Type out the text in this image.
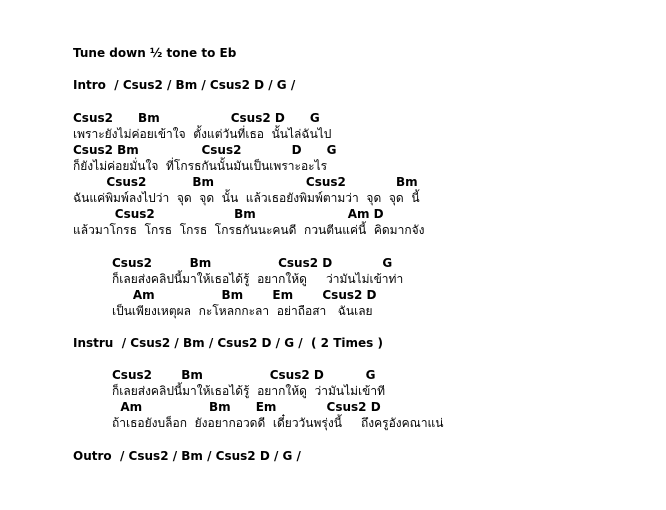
Tune down ½ tone to Eb
Intro  / Csus2 / Bm / Csus2 D / G /
Csus2      Bm                 Csus2 D      G
เพราะยังไม่ค่อยเข้าใจ  ตั้งแต่วันที่เธอ  นั้นไล่ฉันไป
Csus2 Bm               Csus2            D      G
ก็ยังไม่ค่อยมั่นใจ  ที่โกรธกันนั้นมันเป็นเพราะอะไร
Csus2           Bm                      Csus2            Bm
ฉันแค่พิมพ์ลงไปว่า  จุด  จุด  นั้น  แล้วเธอยังพิมพ์ตามว่า  จุด  จุด  นี้
Csus2                   Bm                      Am D
แล้วมาโกรธ  โกรธ  โกรธ  โกรธกันนะคนดี  กวนตีนแค่นี้  คิดมากจัง
Csus2         Bm                Csus2 D            G
ก็เลยส่งคลิปนี้มาให้เธอได้รู้  อยากให้ดู     ว่ามันไม่เข้าท่า
Am                Bm       Em       Csus2 D
เป็นเพียงเหตุผล  กะโหลกกะลา  อย่าถือสา   ฉันเลย
Instru  / Csus2 / Bm / Csus2 D / G /  ( 2 Times )
Csus2       Bm                Csus2 D          G
ก็เลยส่งคลิปนี้มาให้เธอได้รู้  อยากให้ดู  ว่ามันไม่เข้าที
Am                Bm      Em            Csus2 D
ถ้าเธอยังบล็อก  ยังอยากอวดดี  เดี๋ยววันพรุ่งนี้     ถึงครูอังคณาแน่
Outro  / Csus2 / Bm / Csus2 D / G /
